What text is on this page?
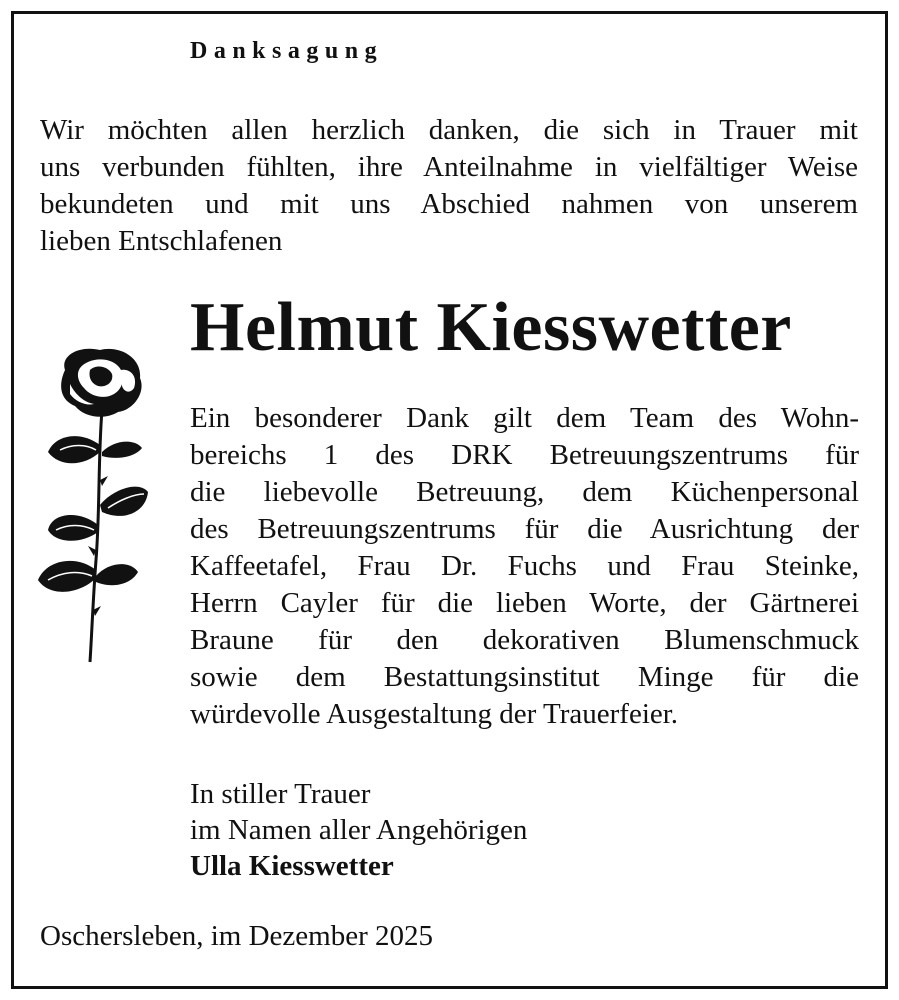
Danksagung
Wir möchten allen herzlich danken, die sich in Trauer mit
uns verbunden fühlten, ihre Anteilnahme in vielfältiger Weise
bekundeten und mit uns Abschied nahmen von unserem
lieben Entschlafenen
Helmut Kiesswetter
Ein besonderer Dank gilt dem Team des Wohn-
bereichs 1 des DRK Betreuungszentrums für
die liebevolle Betreuung, dem Küchenpersonal
des Betreuungszentrums für die Ausrichtung der
Kaffeetafel, Frau Dr. Fuchs und Frau Steinke,
Herrn Cayler für die lieben Worte, der Gärtnerei
Braune für den dekorativen Blumenschmuck
sowie dem Bestattungsinstitut Minge für die
würdevolle Ausgestaltung der Trauerfeier.
In stiller Trauer
im Namen aller Angehörigen
Ulla Kiesswetter
Oschersleben, im Dezember 2025
